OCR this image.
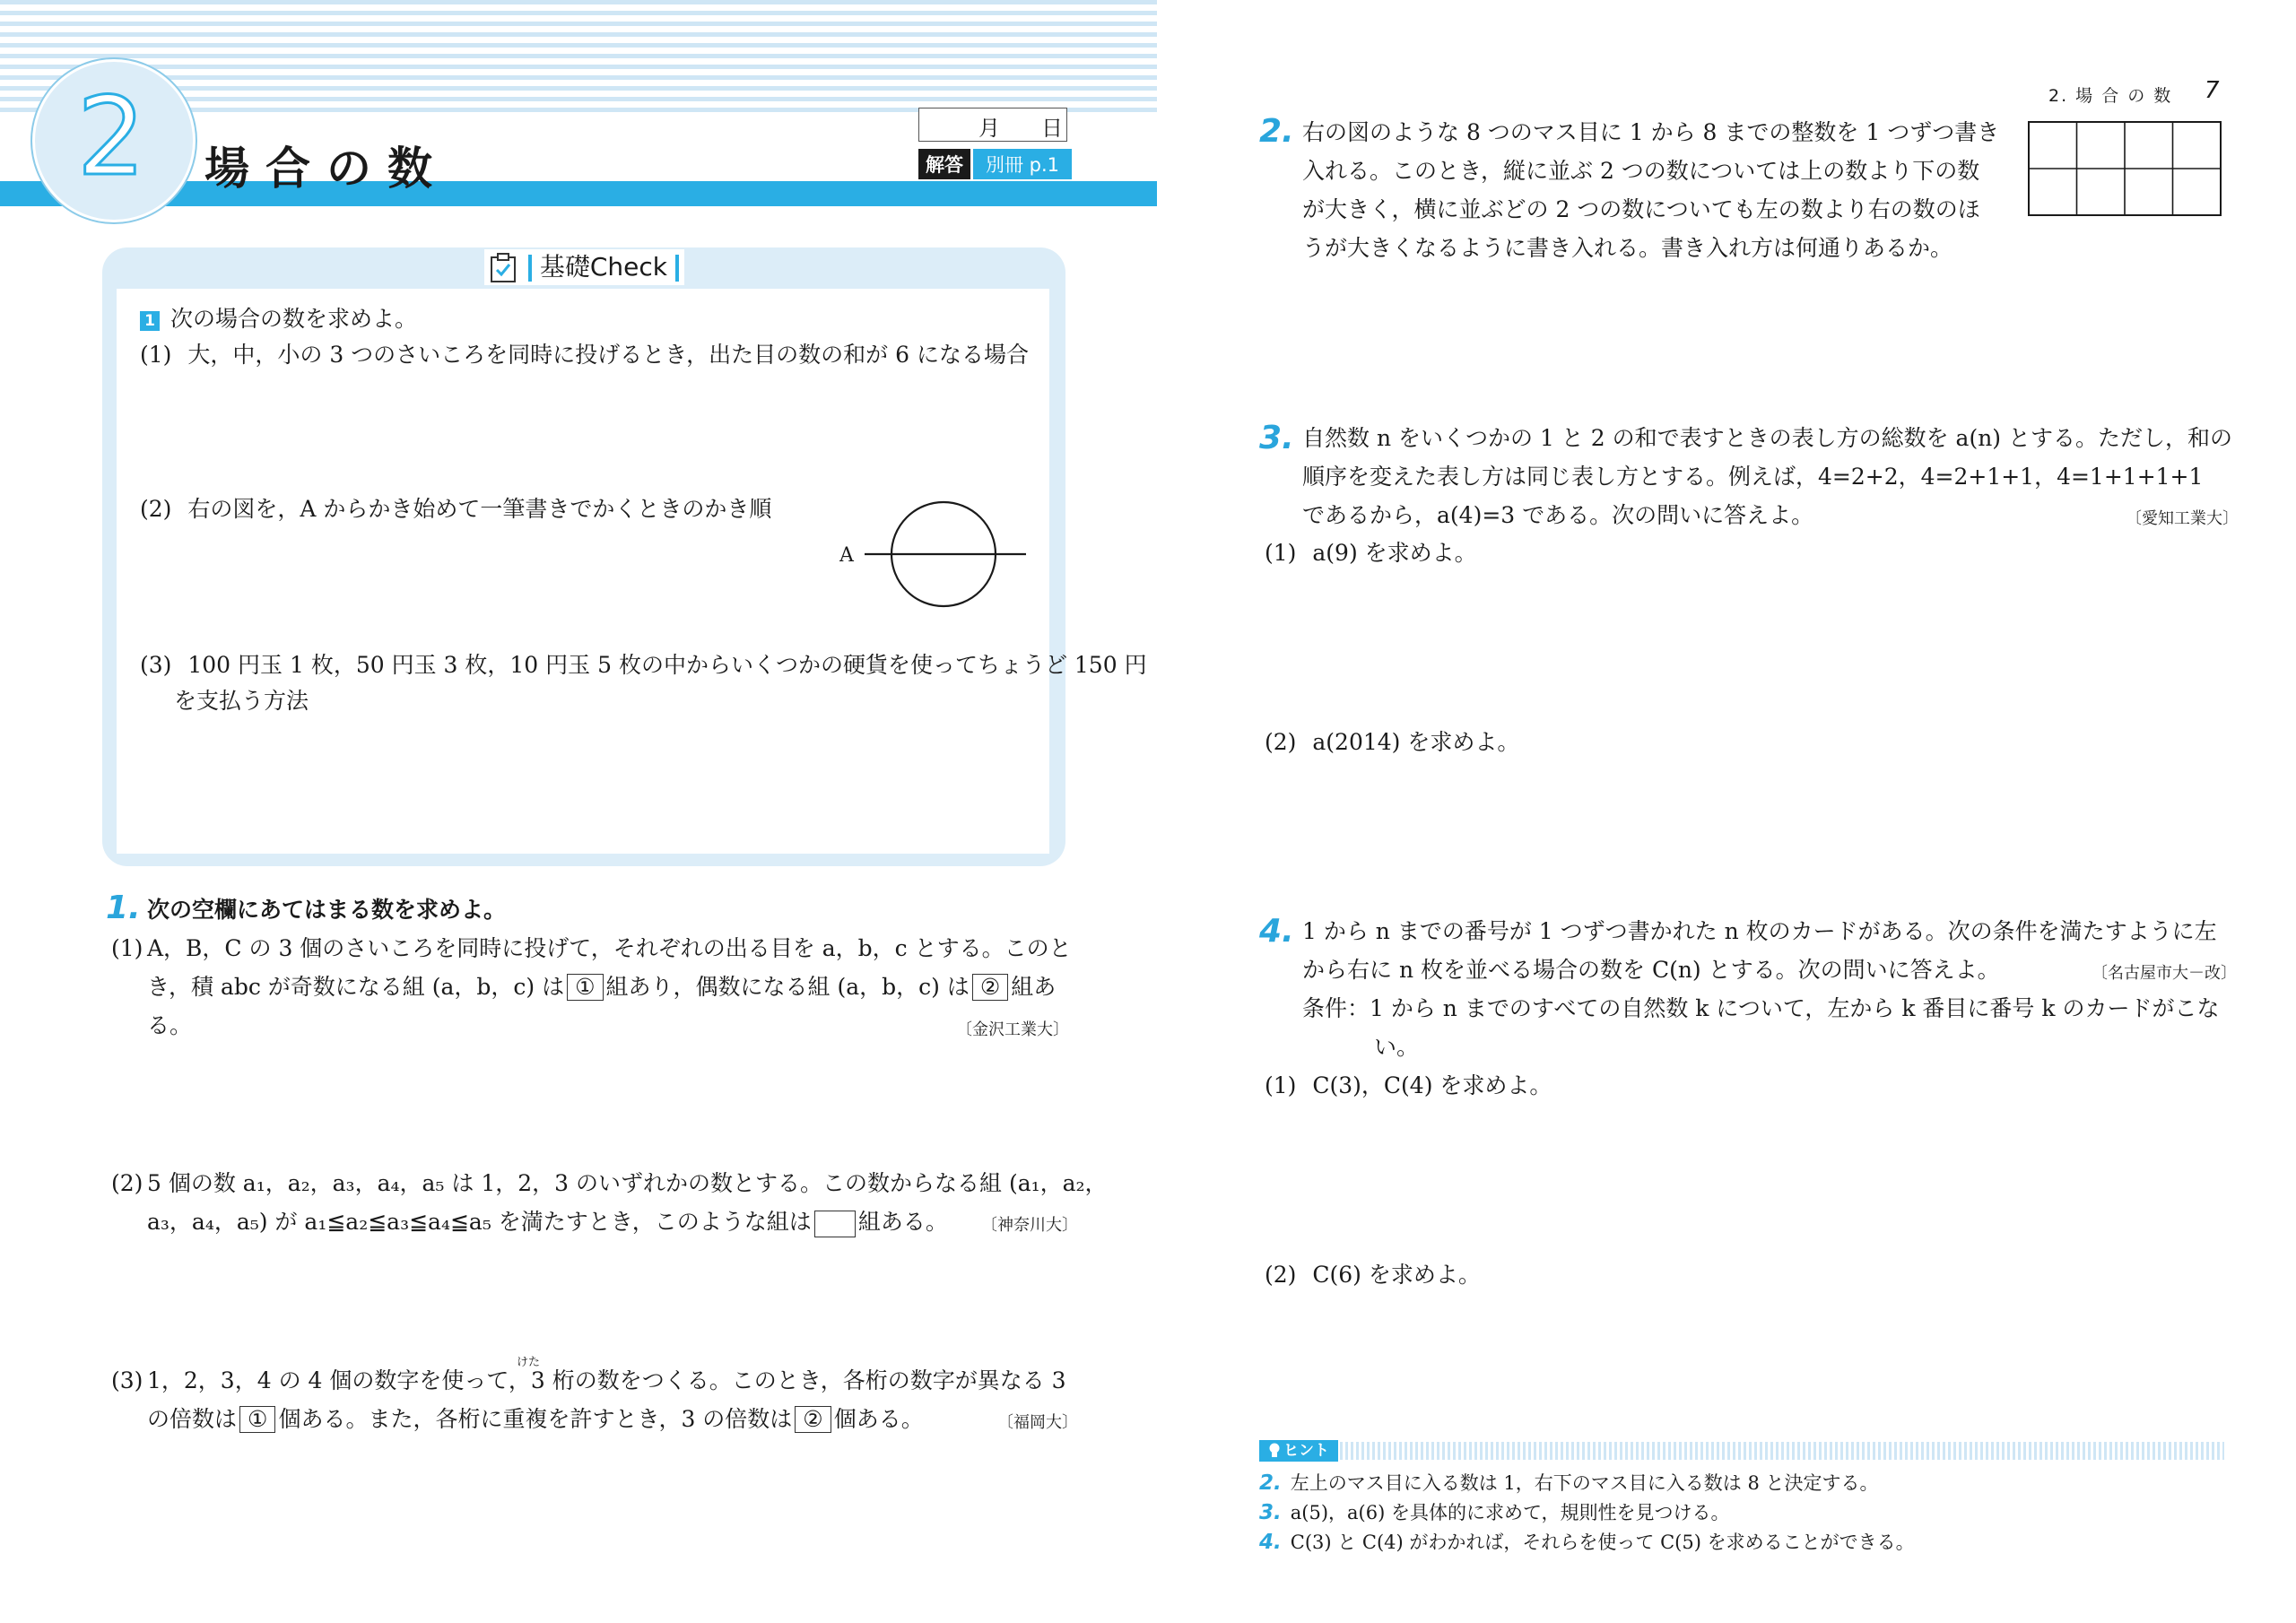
2	場合の数
月 日
解答	別冊 p.1
基礎Check
1 次の場合の数を求めよ。
(1) 大，中，小の 3 つのさいころを同時に投げるとき，出た目の数の和が 6 になる場合
(2) 右の図を，A からかき始めて一筆書きでかくときのかき順
A
(3) 100 円玉 1 枚，50 円玉 3 枚，10 円玉 5 枚の中からいくつかの硬貨を使ってちょうど 150 円
を支払う方法
1. 次の空欄にあてはまる数を求めよ。
(1) A，B，C の 3 個のさいころを同時に投げて，それぞれの出る目を a，b，c とする。このと
き，積 abc が奇数になる組 (a，b，c) は ① 組あり，偶数になる組 (a，b，c) は ② 組あ
る。	〔金沢工業大〕
(2) 5 個の数 a₁，a₂，a₃，a₄，a₅ は 1，2，3 のいずれかの数とする。この数からなる組 (a₁，a₂，
a₃，a₄，a₅) が a₁≦a₂≦a₃≦a₄≦a₅ を満たすとき，このような組は 組ある。 〔神奈川大〕
けた
(3) 1，2，3，4 の 4 個の数字を使って，3 桁の数をつくる。このとき，各桁の数字が異なる 3
の倍数は ① 個ある。また，各桁に重複を許すとき，3 の倍数は ② 個ある。	〔福岡大〕
2. 場 合 の 数 7
2. 右の図のような 8 つのマス目に 1 から 8 までの整数を 1 つずつ書き
入れる。このとき，縦に並ぶ 2 つの数については上の数より下の数
が大きく，横に並ぶどの 2 つの数についても左の数より右の数のほ
うが大きくなるように書き入れる。書き入れ方は何通りあるか。
3. 自然数 n をいくつかの 1 と 2 の和で表すときの表し方の総数を a(n) とする。ただし，和の
順序を変えた表し方は同じ表し方とする。例えば，4=2+2，4=2+1+1，4=1+1+1+1
であるから，a(4)=3 である。次の問いに答えよ。	〔愛知工業大〕
(1) a(9) を求めよ。
(2) a(2014) を求めよ。
4. 1 から n までの番号が 1 つずつ書かれた n 枚のカードがある。次の条件を満たすように左
から右に n 枚を並べる場合の数を C(n) とする。次の問いに答えよ。	〔名古屋市大－改〕
条件：1 から n までのすべての自然数 k について，左から k 番目に番号 k のカードがこな
い。
(1) C(3)，C(4) を求めよ。
(2) C(6) を求めよ。
ヒント
2. 左上のマス目に入る数は 1，右下のマス目に入る数は 8 と決定する。
3. a(5)，a(6) を具体的に求めて，規則性を見つける。
4. C(3) と C(4) がわかれば，それらを使って C(5) を求めることができる。
